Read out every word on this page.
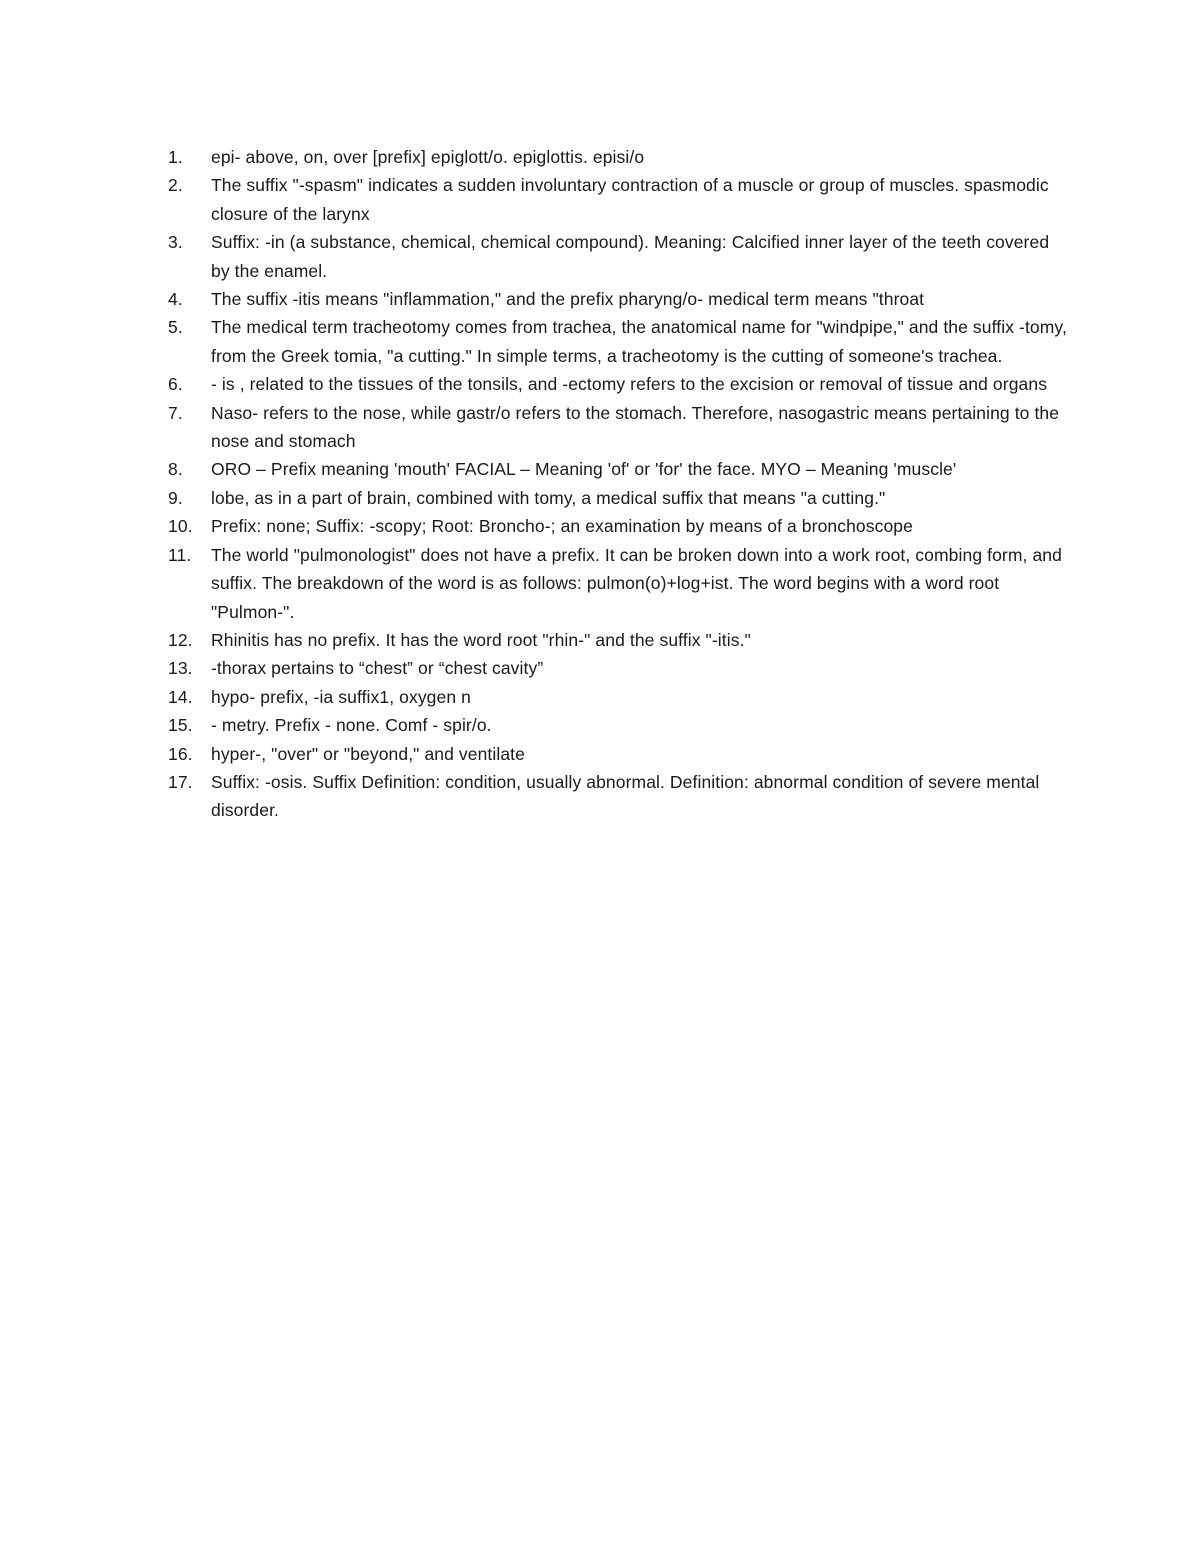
1.	epi- above, on, over [prefix] epiglott/o. epiglottis. episi/o
2.	The suffix "-spasm" indicates a sudden involuntary contraction of a muscle or group of muscles. spasmodic closure of the larynx
3.	Suffix: -in (a substance, chemical, chemical compound). Meaning: Calcified inner layer of the teeth covered by the enamel.
4.	The suffix -itis means "inflammation," and the prefix pharyng/o- medical term means "throat
5.	The medical term tracheotomy comes from trachea, the anatomical name for "windpipe," and the suffix -tomy, from the Greek tomia, "a cutting." In simple terms, a tracheotomy is the cutting of someone's trachea.
6.	- is , related to the tissues of the tonsils, and -ectomy refers to the excision or removal of tissue and organs
7.	Naso- refers to the nose, while gastr/o refers to the stomach. Therefore, nasogastric means pertaining to the nose and stomach
8.	ORO – Prefix meaning 'mouth' FACIAL – Meaning 'of' or 'for' the face. MYO – Meaning 'muscle'
9.	lobe, as in a part of brain, combined with tomy, a medical suffix that means "a cutting."
10.	Prefix: none; Suffix: -scopy; Root: Broncho-; an examination by means of a bronchoscope
11.	The world "pulmonologist" does not have a prefix. It can be broken down into a work root, combing form, and suffix. The breakdown of the word is as follows: pulmon(o)+log+ist. The word begins with a word root "Pulmon-".
12.	Rhinitis has no prefix. It has the word root "rhin-" and the suffix "-itis."
13.	-thorax pertains to “chest” or “chest cavity”
14.	hypo- prefix, -ia suffix1, oxygen n
15.	- metry. Prefix - none. Comf - spir/o.
16.	hyper-, "over" or "beyond," and ventilate
17.	Suffix: -osis. Suffix Definition: condition, usually abnormal. Definition: abnormal condition of severe mental disorder.
